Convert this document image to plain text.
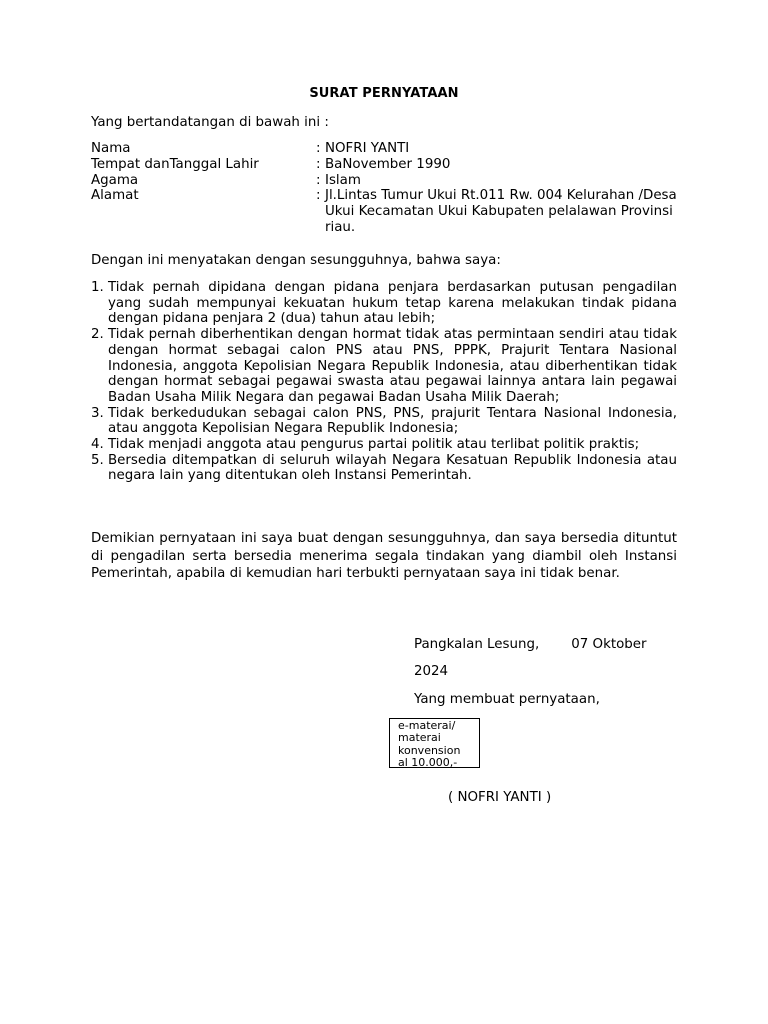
SURAT PERNYATAAN
Yang bertandatangan di bawah ini :
Nama	: NOFRI YANTI
Tempat danTanggal Lahir	: BaNovember 1990
Agama	: Islam
Alamat	: Jl.Lintas Tumur Ukui Rt.011 Rw. 004 Kelurahan /Desa Ukui Kecamatan Ukui Kabupaten pelalawan Provinsi riau.
Dengan ini menyatakan dengan sesungguhnya, bahwa saya:
1. Tidak pernah dipidana dengan pidana penjara berdasarkan putusan pengadilan yang sudah mempunyai kekuatan hukum tetap karena melakukan tindak pidana dengan pidana penjara 2 (dua) tahun atau lebih;
2. Tidak pernah diberhentikan dengan hormat tidak atas permintaan sendiri atau tidak dengan hormat sebagai calon PNS atau PNS, PPPK, Prajurit Tentara Nasional Indonesia, anggota Kepolisian Negara Republik Indonesia, atau diberhentikan tidak dengan hormat sebagai pegawai swasta atau pegawai lainnya antara lain pegawai Badan Usaha Milik Negara dan pegawai Badan Usaha Milik Daerah;
3. Tidak berkedudukan sebagai calon PNS, PNS, prajurit Tentara Nasional Indonesia, atau anggota Kepolisian Negara Republik Indonesia;
4. Tidak menjadi anggota atau pengurus partai politik atau terlibat politik praktis;
5. Bersedia ditempatkan di seluruh wilayah Negara Kesatuan Republik Indonesia atau negara lain yang ditentukan oleh Instansi Pemerintah.
Demikian pernyataan ini saya buat dengan sesungguhnya, dan saya bersedia dituntut di pengadilan serta bersedia menerima segala tindakan yang diambil oleh Instansi Pemerintah, apabila di kemudian hari terbukti pernyataan saya ini tidak benar.
Pangkalan Lesung, 07 Oktober
2024
Yang membuat pernyataan,
e-materai/
materai
konvension
al 10.000,-
( NOFRI YANTI )
